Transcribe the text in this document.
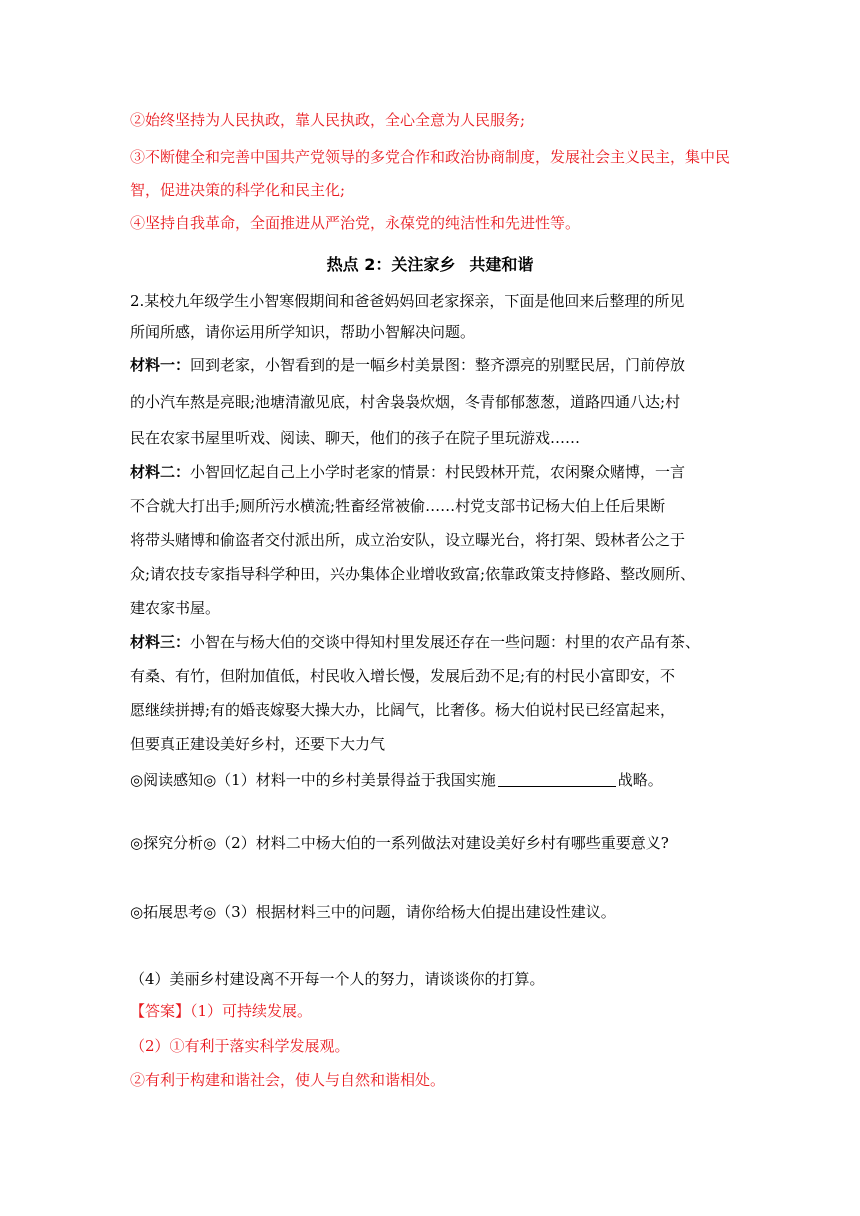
②始终坚持为人民执政，靠人民执政，全心全意为人民服务;
③不断健全和完善中国共产党领导的多党合作和政治协商制度，发展社会主义民主，集中民
智，促进决策的科学化和民主化;
④坚持自我革命，全面推进从严治党，永葆党的纯洁性和先进性等。
热点 2：关注家乡 共建和谐
2.某校九年级学生小智寒假期间和爸爸妈妈回老家探亲，下面是他回来后整理的所见
所闻所感，请你运用所学知识，帮助小智解决问题。
材料一：回到老家，小智看到的是一幅乡村美景图：整齐漂亮的别墅民居，门前停放
的小汽车熬是亮眼;池塘清澈见底，村舍袅袅炊烟，冬青郁郁葱葱，道路四通八达;村
民在农家书屋里听戏、阅读、聊天，他们的孩子在院子里玩游戏……
材料二：小智回忆起自己上小学时老家的情景：村民毁林开荒，农闲聚众赌博，一言
不合就大打出手;厕所污水横流;牲畜经常被偷……村党支部书记杨大伯上任后果断
将带头赌博和偷盗者交付派出所，成立治安队，设立曝光台，将打架、毁林者公之于
众;请农技专家指导科学种田，兴办集体企业增收致富;依靠政策支持修路、整改厕所、
建农家书屋。
材料三：小智在与杨大伯的交谈中得知村里发展还存在一些问题：村里的农产品有茶、
有桑、有竹，但附加值低，村民收入增长慢，发展后劲不足;有的村民小富即安，不
愿继续拼搏;有的婚丧嫁娶大操大办，比阔气，比奢侈。杨大伯说村民已经富起来，
但要真正建设美好乡村，还要下大力气
◎阅读感知◎（1）材料一中的乡村美景得益于我国实施	战略。
◎探究分析◎（2）材料二中杨大伯的一系列做法对建设美好乡村有哪些重要意义?
◎拓展思考◎（3）根据材料三中的问题，请你给杨大伯提出建设性建议。
（4）美丽乡村建设离不开每一个人的努力，请谈谈你的打算。
【答案】（1）可持续发展。
（2）①有利于落实科学发展观。
②有利于构建和谐社会，使人与自然和谐相处。
